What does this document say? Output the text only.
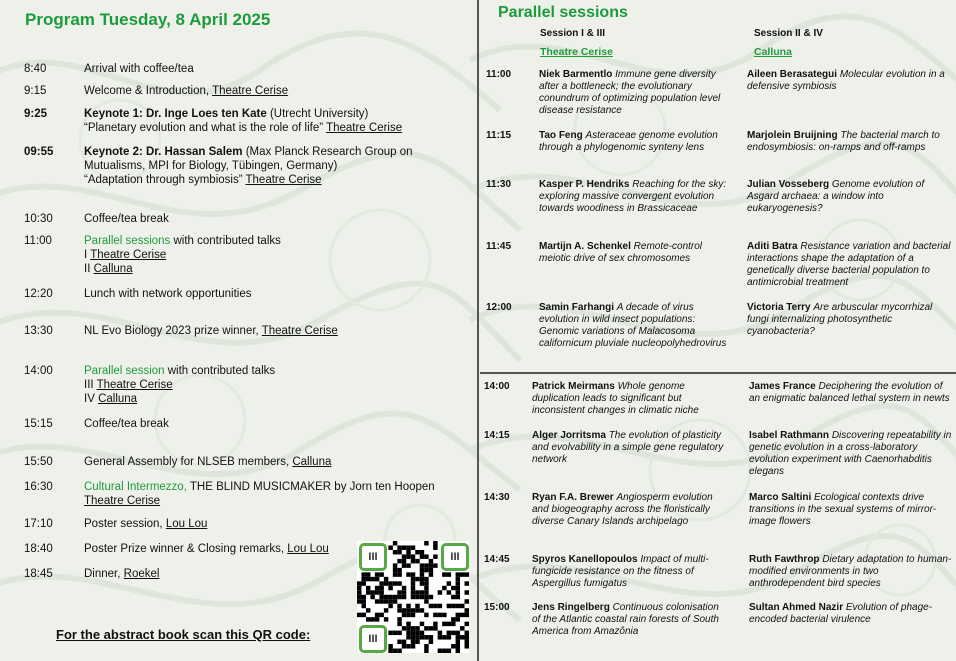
Program Tuesday, 8 April 2025
8:40	Arrival with coffee/tea
9:15	Welcome & Introduction, Theatre Cerise
9:25	Keynote 1: Dr. Inge Loes ten Kate (Utrecht University)
“Planetary evolution and what is the role of life” Theatre Cerise
09:55	Keynote 2: Dr. Hassan Salem (Max Planck Research Group on Mutualisms, MPI for Biology, Tübingen, Germany)
“Adaptation through symbiosis” Theatre Cerise
10:30	Coffee/tea break
11:00	Parallel sessions with contributed talks
I Theatre Cerise
II Calluna
12:20	Lunch with network opportunities
13:30	NL Evo Biology 2023 prize winner, Theatre Cerise
14:00	Parallel session with contributed talks
III Theatre Cerise
IV Calluna
15:15	Coffee/tea break
15:50	General Assembly for NLSEB members, Calluna
16:30	Cultural Intermezzo, THE BLIND MUSICMAKER by Jorn ten Hoopen
Theatre Cerise
17:10	Poster session, Lou Lou
18:40	Poster Prize winner & Closing remarks, Lou Lou
18:45	Dinner, Roekel
For the abstract book scan this QR code:
III	III
III
Parallel sessions
Session I & III	Session II & IV
Theatre Cerise	Calluna
11:00	Niek Barmentlo Immune gene diversity after a bottleneck; the evolutionary conundrum of optimizing population level disease resistance
Aileen Berasategui Molecular evolution in a defensive symbiosis
11:15	Tao Feng Asteraceae genome evolution through a phylogenomic synteny lens
Marjolein Bruijning The bacterial march to endosymbiosis: on-ramps and off-ramps
11:30	Kasper P. Hendriks Reaching for the sky: exploring massive convergent evolution towards woodiness in Brassicaceae
Julian Vosseberg Genome evolution of Asgard archaea: a window into eukaryogenesis?
11:45	Martijn A. Schenkel Remote-control meiotic drive of sex chromosomes
Aditi Batra Resistance variation and bacterial interactions shape the adaptation of a genetically diverse bacterial population to antimicrobial treatment
12:00	Samin Farhangi A decade of virus evolution in wild insect populations: Genomic variations of Malacosoma californicum pluviale nucleopolyhedrovirus
Victoria Terry Are arbuscular mycorrhizal fungi internalizing photosynthetic cyanobacteria?
14:00 Patrick Meirmans Whole genome duplication leads to significant but inconsistent changes in climatic niche
James France Deciphering the evolution of an enigmatic balanced lethal system in newts
14:15 Alger Jorritsma The evolution of plasticity and evolvability in a simple gene regulatory network
Isabel Rathmann Discovering repeatability in genetic evolution in a cross-laboratory evolution experiment with Caenorhabditis elegans
14:30 Ryan F.A. Brewer Angiosperm evolution and biogeography across the floristically diverse Canary Islands archipelago
Marco Saltini Ecological contexts drive transitions in the sexual systems of mirror-image flowers
14:45 Spyros Kanellopoulos Impact of multi-fungicide resistance on the fitness of Aspergillus fumigatus
Ruth Fawthrop Dietary adaptation to human-modified environments in two anthrodependent bird species
15:00 Jens Ringelberg Continuous colonisation of the Atlantic coastal rain forests of South America from Amazônia
Sultan Ahmed Nazir Evolution of phage-encoded bacterial virulence
